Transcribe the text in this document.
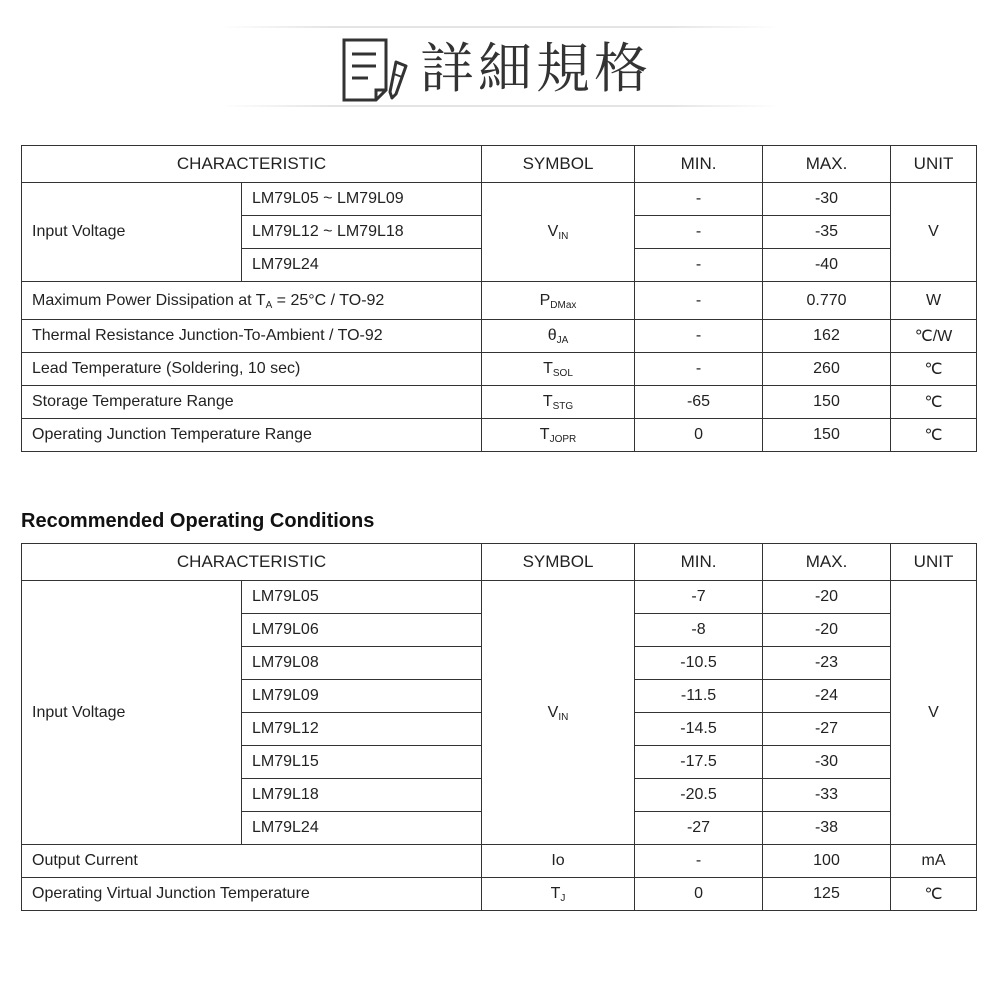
詳細規格
CHARACTERISTIC		SYMBOL	MIN.	MAX.	UNIT
Input Voltage	LM79L05 ~ LM79L09	$V_{IN}$	-	-30	V
	LM79L12 ~ LM79L18		-	-35	
	LM79L24		-	-40	
Maximum Power Dissipation at $T_A = 25^\circ C / TO-92$		$P_{DMax}$	-	0.770	W
Thermal Resistance Junction-To-Ambient / TO-92		$\theta_{JA}$	-	162	℃/W
Lead Temperature (Soldering, 10 sec)		$T_{SOL}$	-	260	℃
Storage Temperature Range		$T_{STG}$	-65	150	℃
Operating Junction Temperature Range		$T_{JOPR}$	0	150	℃
Recommended Operating Conditions
CHARACTERISTIC		SYMBOL	MIN.	MAX.	UNIT
Input Voltage	LM79L05	$V_{IN}$	-7	-20	V
	LM79L06		-8	-20	
	LM79L08		-10.5	-23	
	LM79L09		-11.5	-24	
	LM79L12		-14.5	-27	
	LM79L15		-17.5	-30	
	LM79L18		-20.5	-33	
	LM79L24		-27	-38	
Output Current		Io	-	100	mA
Operating Virtual Junction Temperature		$T_J$	0	125	℃
